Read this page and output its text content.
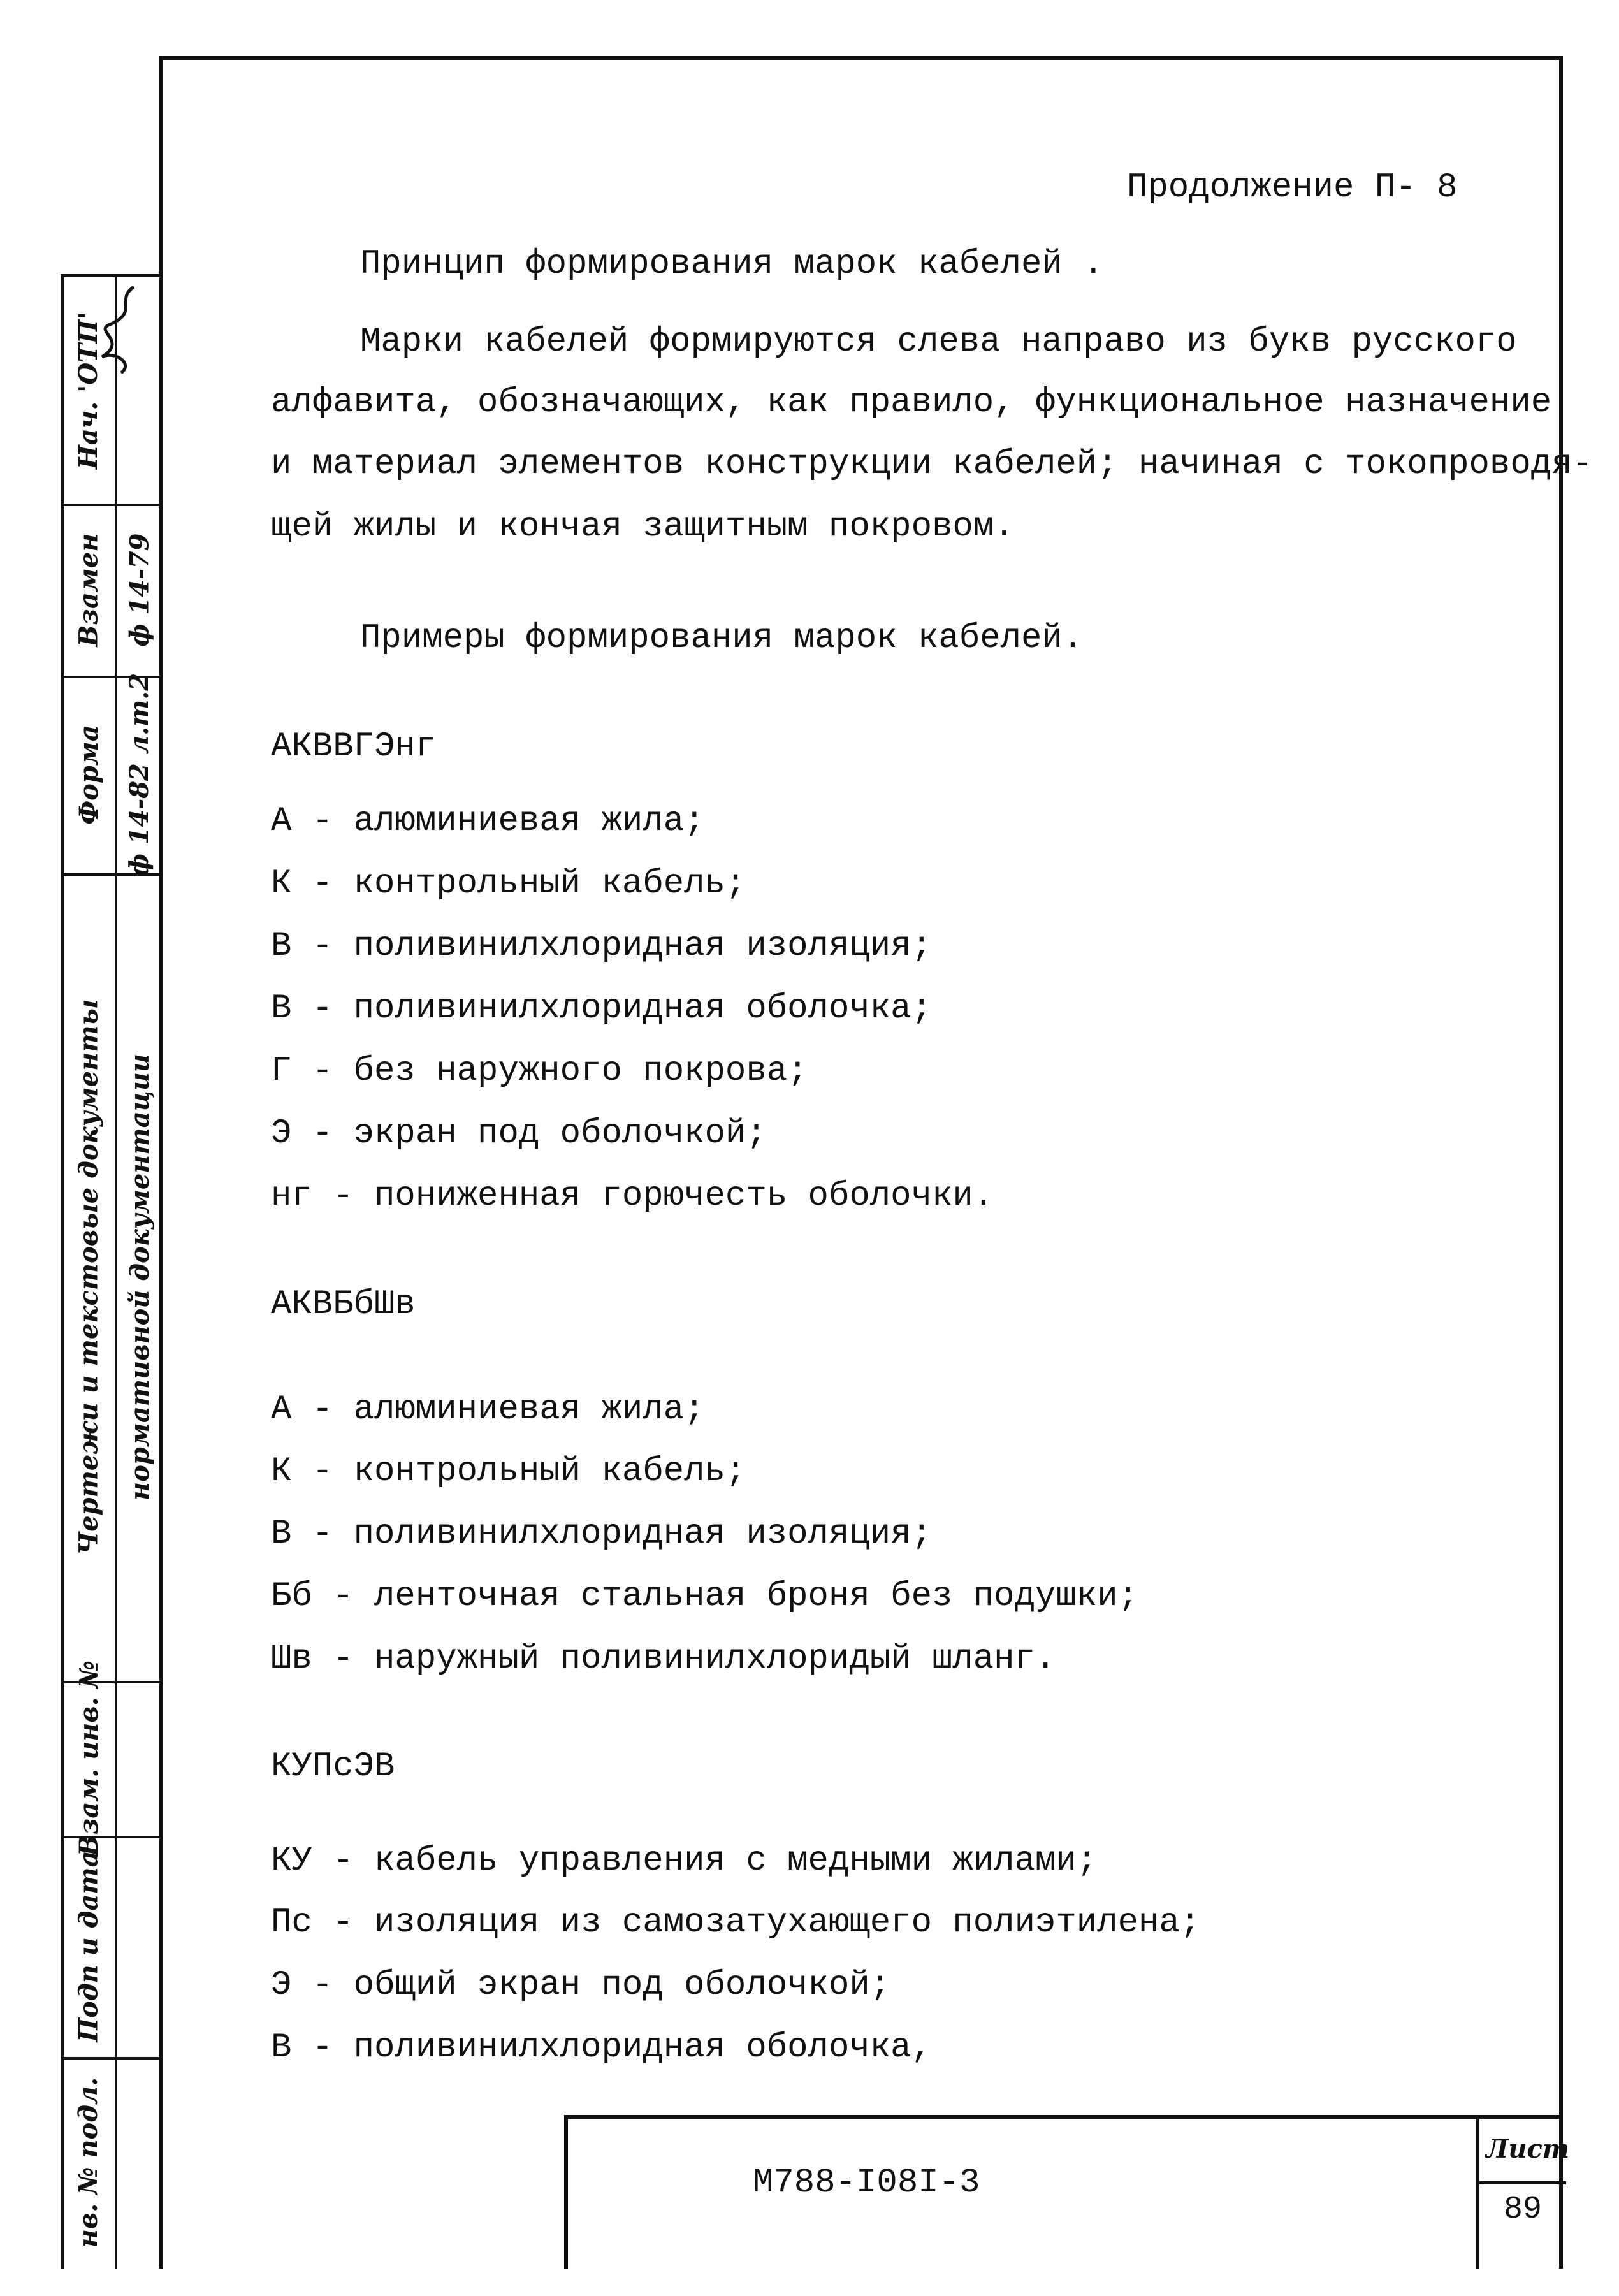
Продолжение П- 8
Принцип формирования марок кабелей .
Марки кабелей формируются слева направо из букв русского
алфавита, обозначающих, как правило, функциональное назначение
и материал элементов конструкции кабелей; начиная с токопроводя-
щей жилы и кончая защитным покровом.
Примеры формирования марок кабелей.
АКВВГЭнг
А - алюминиевая жила;
К - контрольный кабель;
В - поливинилхлоридная изоляция;
В - поливинилхлоридная оболочка;
Г - без наружного покрова;
Э - экран под оболочкой;
нг - пониженная горючесть оболочки.
АКВБбШв
А - алюминиевая жила;
К - контрольный кабель;
В - поливинилхлоридная изоляция;
Бб - ленточная стальная броня без подушки;
Шв - наружный поливинилхлоридый шланг.
КУПсЭВ
КУ - кабель управления с медными жилами;
Пс - изоляция из самозатухающего полиэтилена;
Э - общий экран под оболочкой;
В - поливинилхлоридная оболочка,
Нач. 'ОТП'
Взамен
Форма
Чертежи и текстовые документы
Взам. инв. №
Подп и дата
нв. № подл.
ф 14-79
ф 14-82 л.т.2
нормативной документации
М788-I08I-3
Лист
89
